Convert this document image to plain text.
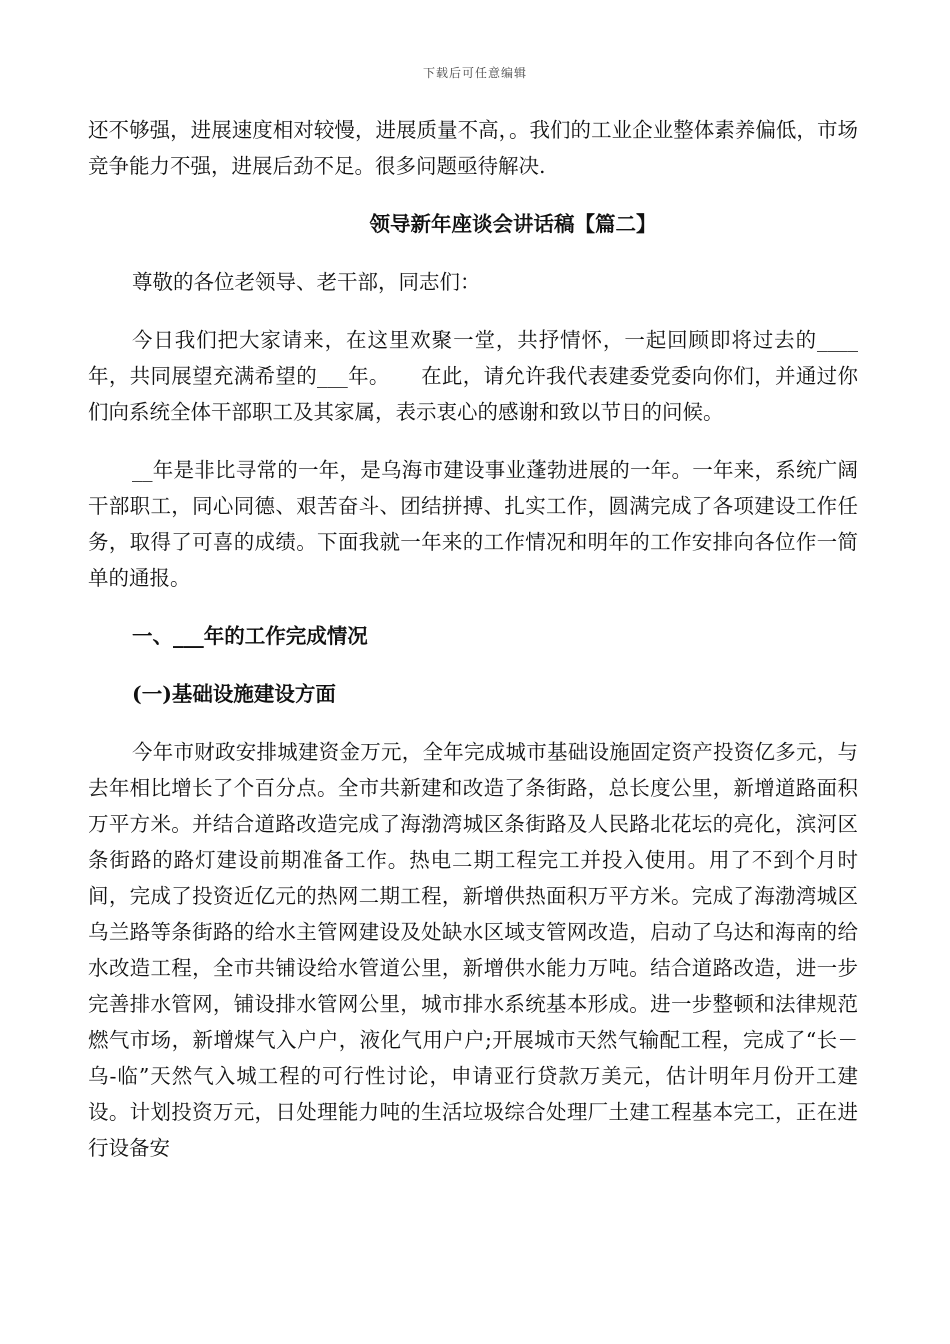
下载后可任意编辑

还不够强，进展速度相对较慢，进展质量不高，。我们的工业企业整体素养偏低，市场竞争能力不强，进展后劲不足。很多问题亟待解决.

领导新年座谈会讲话稿【篇二】

尊敬的各位老领导、老干部，同志们：

今日我们把大家请来，在这里欢聚一堂，共抒情怀，一起回顾即将过去的____年，共同展望充满希望的___年。　　在此，请允许我代表建委党委向你们，并通过你们向系统全体干部职工及其家属，表示衷心的感谢和致以节日的问候。

__年是非比寻常的一年，是乌海市建设事业蓬勃进展的一年。一年来，系统广阔干部职工，同心同德、艰苦奋斗、团结拼搏、扎实工作，圆满完成了各项建设工作任务，取得了可喜的成绩。下面我就一年来的工作情况和明年的工作安排向各位作一简单的通报。

一、___年的工作完成情况

(一)基础设施建设方面

今年市财政安排城建资金万元，全年完成城市基础设施固定资产投资亿多元，与去年相比增长了个百分点。全市共新建和改造了条街路，总长度公里，新增道路面积万平方米。并结合道路改造完成了海渤湾城区条街路及人民路北花坛的亮化，滨河区条街路的路灯建设前期准备工作。热电二期工程完工并投入使用。用了不到个月时间，完成了投资近亿元的热网二期工程，新增供热面积万平方米。完成了海渤湾城区乌兰路等条街路的给水主管网建设及处缺水区域支管网改造，启动了乌达和海南的给水改造工程，全市共铺设给水管道公里，新增供水能力万吨。结合道路改造，进一步完善排水管网，铺设排水管网公里，城市排水系统基本形成。进一步整顿和法律规范燃气市场，新增煤气入户户，液化气用户户;开展城市天然气输配工程，完成了“长－乌-临”天然气入城工程的可行性讨论，申请亚行贷款万美元，估计明年月份开工建设。计划投资万元，日处理能力吨的生活垃圾综合处理厂土建工程基本完工，正在进行设备安
